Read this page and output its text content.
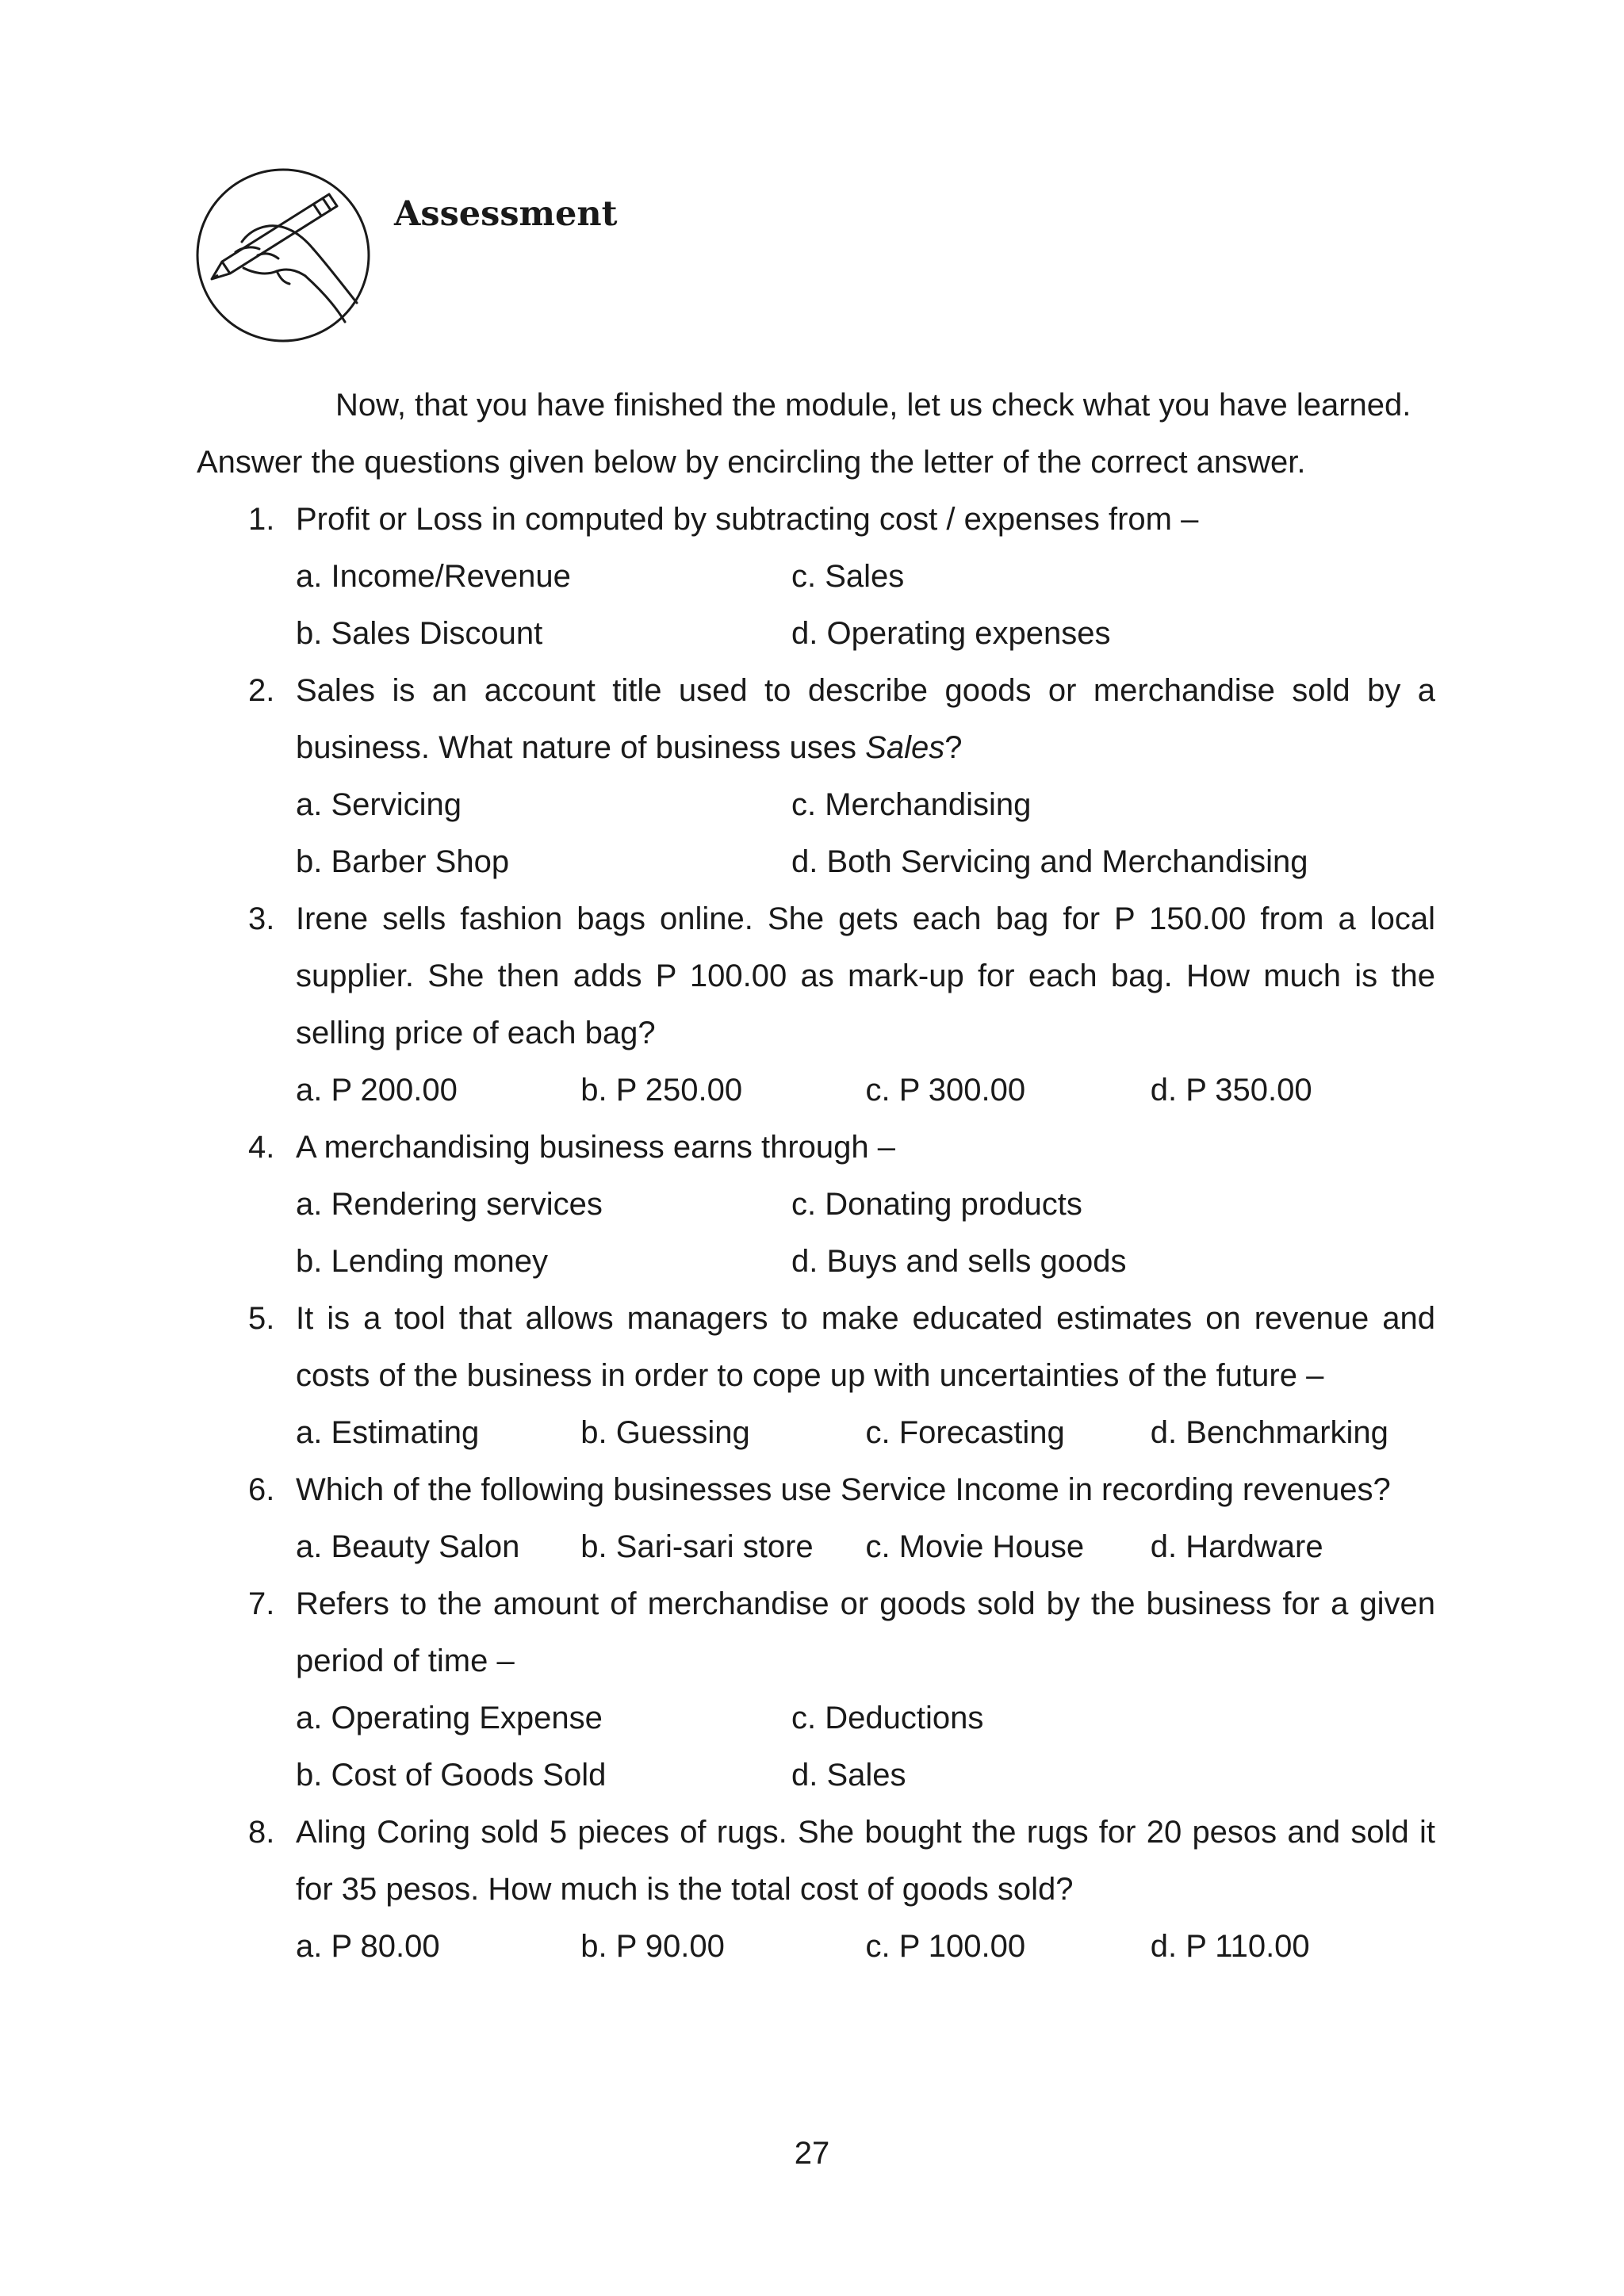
Assessment
Now, that you have finished the module, let us check what you have learned.
Answer the questions given below by encircling the letter of the correct answer.
1. Profit or Loss in computed by subtracting cost / expenses from –
a. Income/Revenue	c. Sales
b. Sales Discount	d. Operating expenses
2. Sales is an account title used to describe goods or merchandise sold by a business. What nature of business uses Sales?
a. Servicing	c. Merchandising
b. Barber Shop	d. Both Servicing and Merchandising
3. Irene sells fashion bags online. She gets each bag for P 150.00 from a local supplier. She then adds P 100.00 as mark-up for each bag. How much is the selling price of each bag?
a. P 200.00	b. P 250.00	c. P 300.00	d. P 350.00
4. A merchandising business earns through –
a. Rendering services	c. Donating products
b. Lending money	d. Buys and sells goods
5. It is a tool that allows managers to make educated estimates on revenue and costs of the business in order to cope up with uncertainties of the future –
a. Estimating	b. Guessing	c. Forecasting	d. Benchmarking
6. Which of the following businesses use Service Income in recording revenues?
a. Beauty Salon	b. Sari-sari store	c. Movie House	d. Hardware
7. Refers to the amount of merchandise or goods sold by the business for a given period of time –
a. Operating Expense	c. Deductions
b. Cost of Goods Sold	d. Sales
8. Aling Coring sold 5 pieces of rugs. She bought the rugs for 20 pesos and sold it for 35 pesos. How much is the total cost of goods sold?
a. P 80.00	b. P 90.00	c. P 100.00	d. P 110.00
27
